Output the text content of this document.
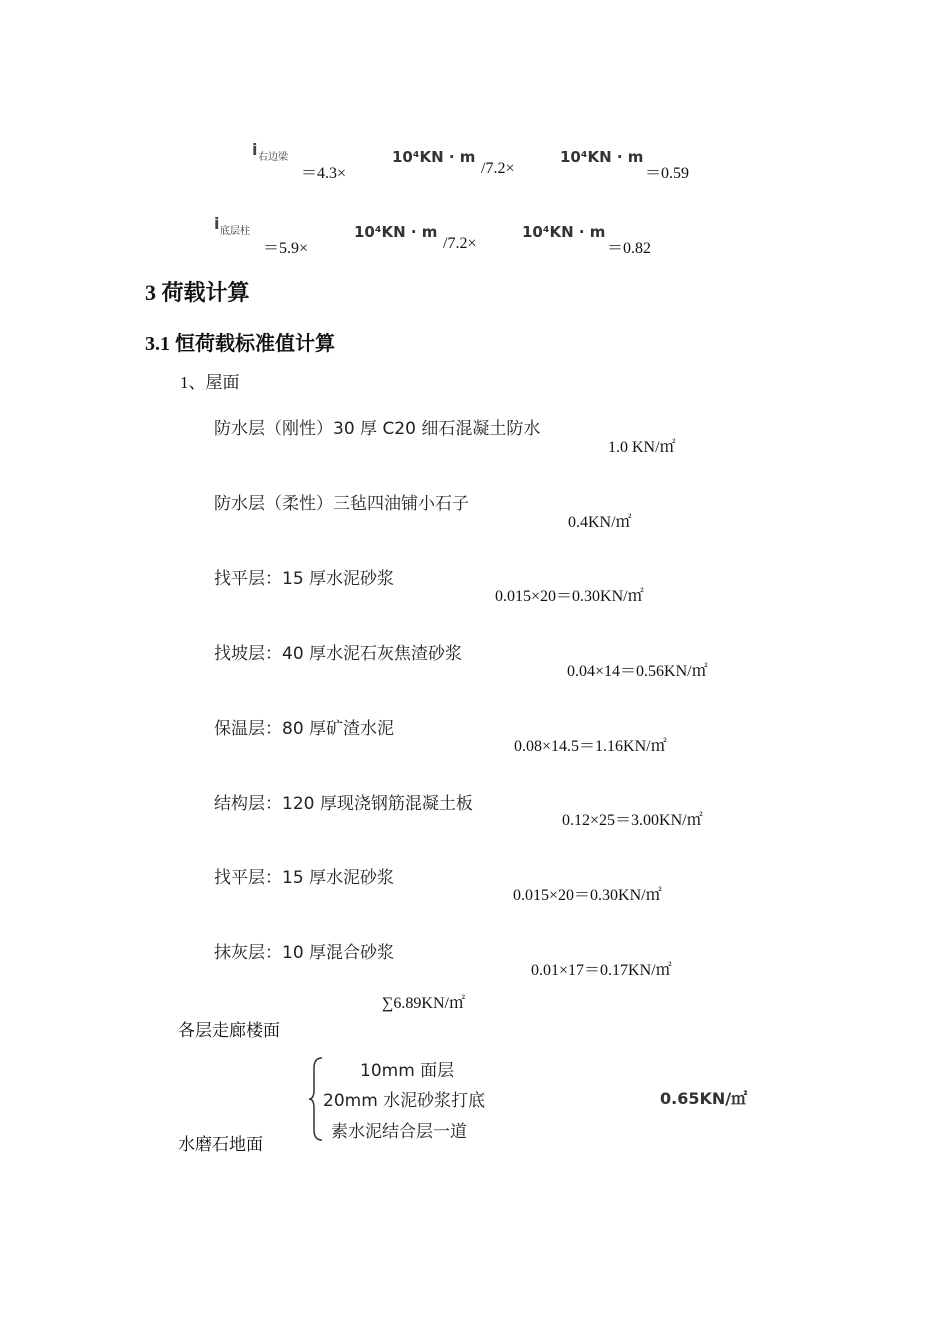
i $_{右边梁}$
＝4.3×
10⁴KN · m
/7.2×
10⁴KN · m
＝0.59
i $_{底层柱}$
＝5.9×
10⁴KN · m
/7.2×
10⁴KN · m
＝0.82
3 荷载计算
3.1 恒荷载标准值计算
1、屋面
防水层（刚性）30 厚 C20 细石混凝土防水
1.0 KN/㎡
防水层（柔性）三毡四油铺小石子
0.4KN/㎡
找平层：15 厚水泥砂浆
0.015×20＝0.30KN/㎡
找坡层：40 厚水泥石灰焦渣砂浆
0.04×14＝0.56KN/㎡
保温层：80 厚矿渣水泥
0.08×14.5＝1.16KN/㎡
结构层：120 厚现浇钢筋混凝土板
0.12×25＝3.00KN/㎡
找平层：15 厚水泥砂浆
0.015×20＝0.30KN/㎡
抹灰层：10 厚混合砂浆
0.01×17＝0.17KN/㎡
∑6.89KN/㎡
各层走廊楼面
10mm 面层
20mm 水泥砂浆打底
素水泥结合层一道
0.65KN/㎡
水磨石地面
